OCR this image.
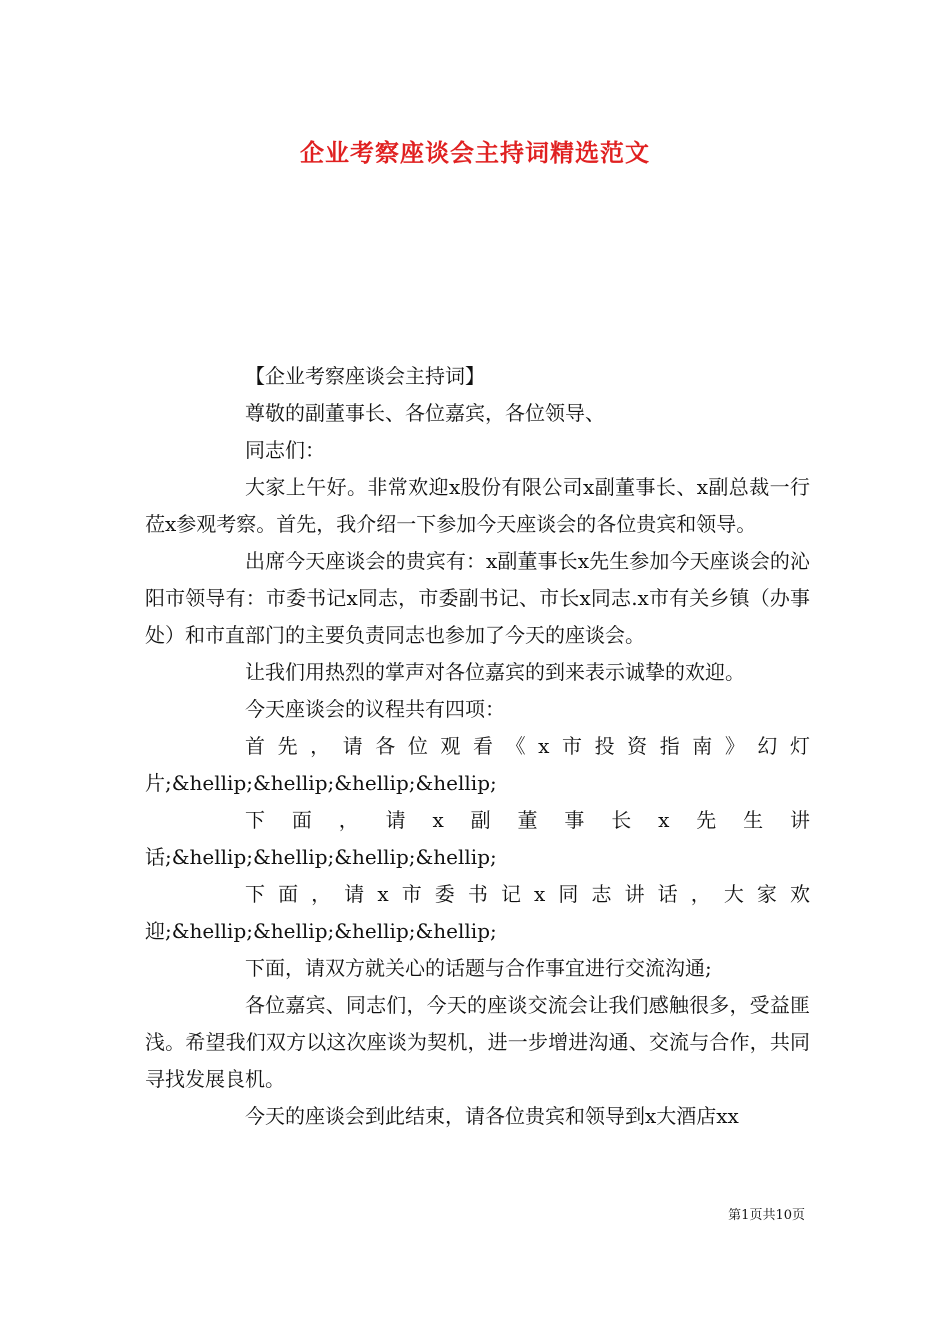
企业考察座谈会主持词精选范文

【企业考察座谈会主持词】

尊敬的副董事长、各位嘉宾，各位领导、

同志们：

大家上午好。非常欢迎x股份有限公司x副董事长、x副总裁一行莅x参观考察。首先，我介绍一下参加今天座谈会的各位贵宾和领导。

出席今天座谈会的贵宾有：x副董事长x先生参加今天座谈会的沁阳市领导有：市委书记x同志，市委副书记、市长x同志.x市有关乡镇（办事处）和市直部门的主要负责同志也参加了今天的座谈会。

让我们用热烈的掌声对各位嘉宾的到来表示诚挚的欢迎。

今天座谈会的议程共有四项：

首先，请各位观看《x市投资指南》幻灯片;&hellip;&hellip;&hellip;&hellip;

下面，请x副董事长x先生讲话;&hellip;&hellip;&hellip;&hellip;

下面，请x市委书记x同志讲话，大家欢迎;&hellip;&hellip;&hellip;&hellip;

下面，请双方就关心的话题与合作事宜进行交流沟通;

各位嘉宾、同志们，今天的座谈交流会让我们感触很多，受益匪浅。希望我们双方以这次座谈为契机，进一步增进沟通、交流与合作，共同寻找发展良机。

今天的座谈会到此结束，请各位贵宾和领导到x大酒店xx

第1页共10页
